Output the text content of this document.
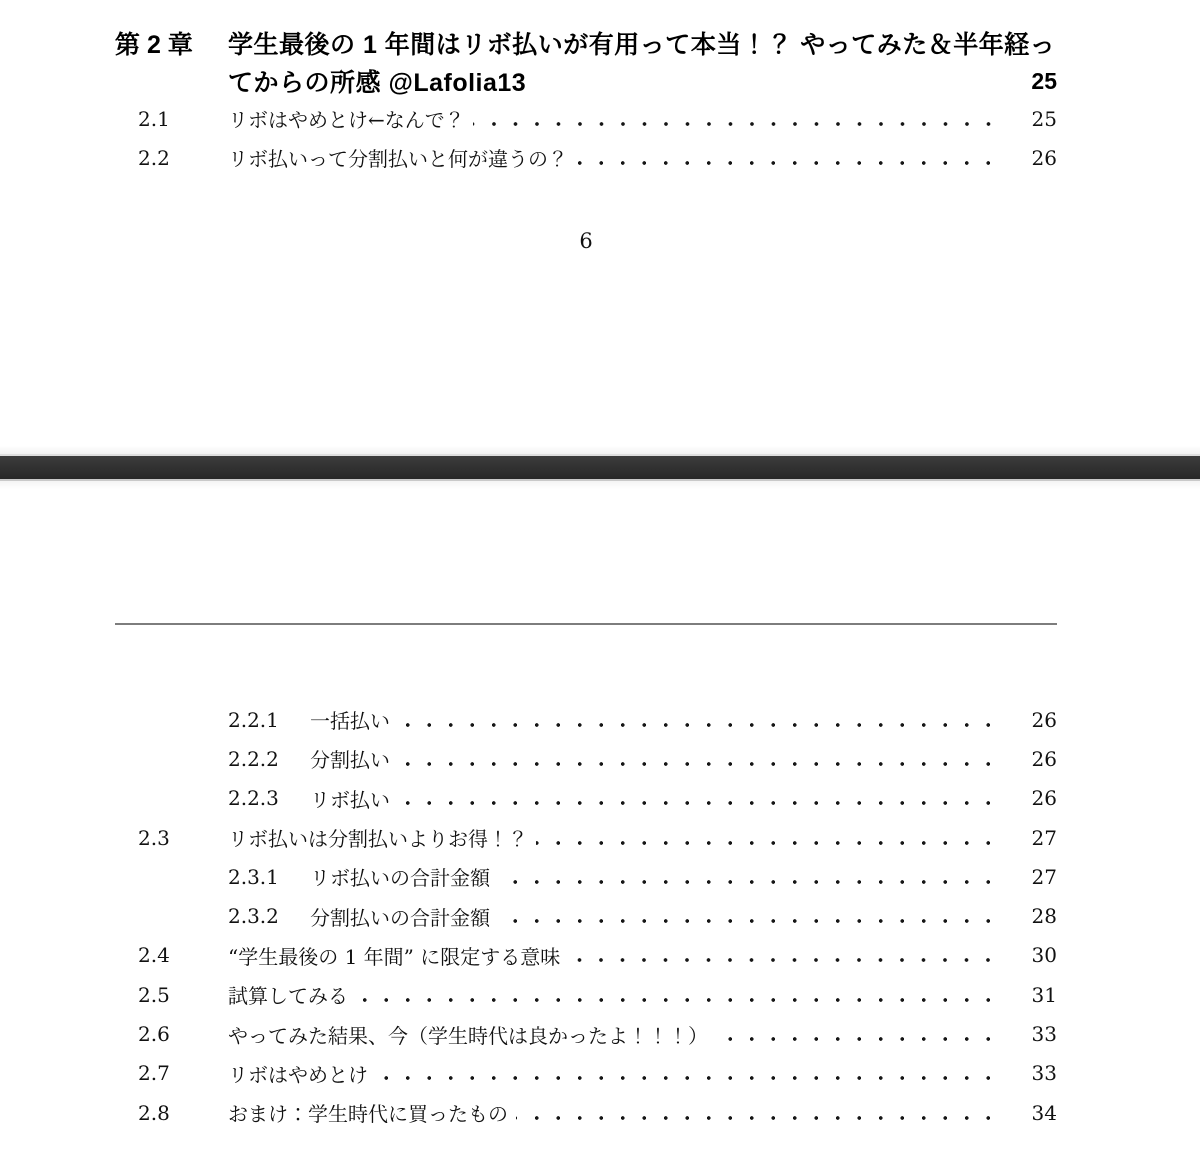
第 2 章	学生最後の 1 年間はリボ払いが有用って本当！？ やってみた＆半年経っ
てからの所感 @Lafolia13	25
2.1	リボはやめとけ←なんで？	25
2.2	リボ払いって分割払いと何が違うの？	26
6
2.2.1	一括払い	26
2.2.2	分割払い	26
2.2.3	リボ払い	26
2.3	リボ払いは分割払いよりお得！？	27
2.3.1	リボ払いの合計金額	27
2.3.2	分割払いの合計金額	28
2.4	“学生最後の 1 年間” に限定する意味	30
2.5	試算してみる	31
2.6	やってみた結果、今（学生時代は良かったよ！！！）	33
2.7	リボはやめとけ	33
2.8	おまけ：学生時代に買ったもの	34
